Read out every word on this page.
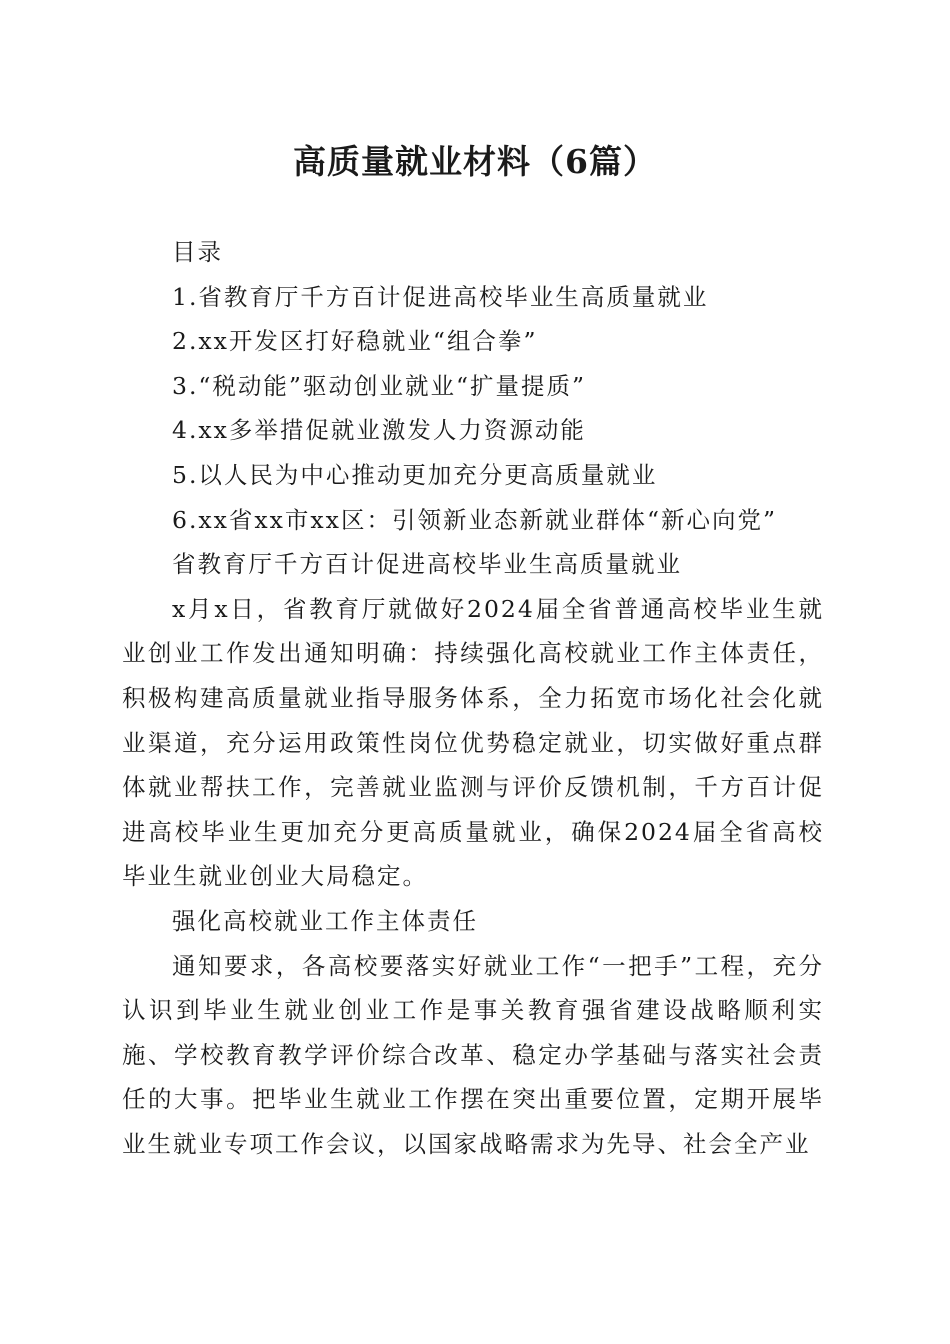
高质量就业材料（6篇）
目录
1.省教育厅千方百计促进高校毕业生高质量就业
2.xx开发区打好稳就业“组合拳”
3.“税动能”驱动创业就业“扩量提质”
4.xx多举措促就业激发人力资源动能
5.以人民为中心推动更加充分更高质量就业
6.xx省xx市xx区：引领新业态新就业群体“新心向党”
省教育厅千方百计促进高校毕业生高质量就业

x月x日，省教育厅就做好2024届全省普通高校毕业生就业创业工作发出通知明确：持续强化高校就业工作主体责任，积极构建高质量就业指导服务体系，全力拓宽市场化社会化就业渠道，充分运用政策性岗位优势稳定就业，切实做好重点群体就业帮扶工作，完善就业监测与评价反馈机制，千方百计促进高校毕业生更加充分更高质量就业，确保2024届全省高校毕业生就业创业大局稳定。

强化高校就业工作主体责任

通知要求，各高校要落实好就业工作“一把手”工程，充分认识到毕业生就业创业工作是事关教育强省建设战略顺利实施、学校教育教学评价综合改革、稳定办学基础与落实社会责任的大事。把毕业生就业工作摆在突出重要位置，定期开展毕业生就业专项工作会议，以国家战略需求为先导、社会全产业
